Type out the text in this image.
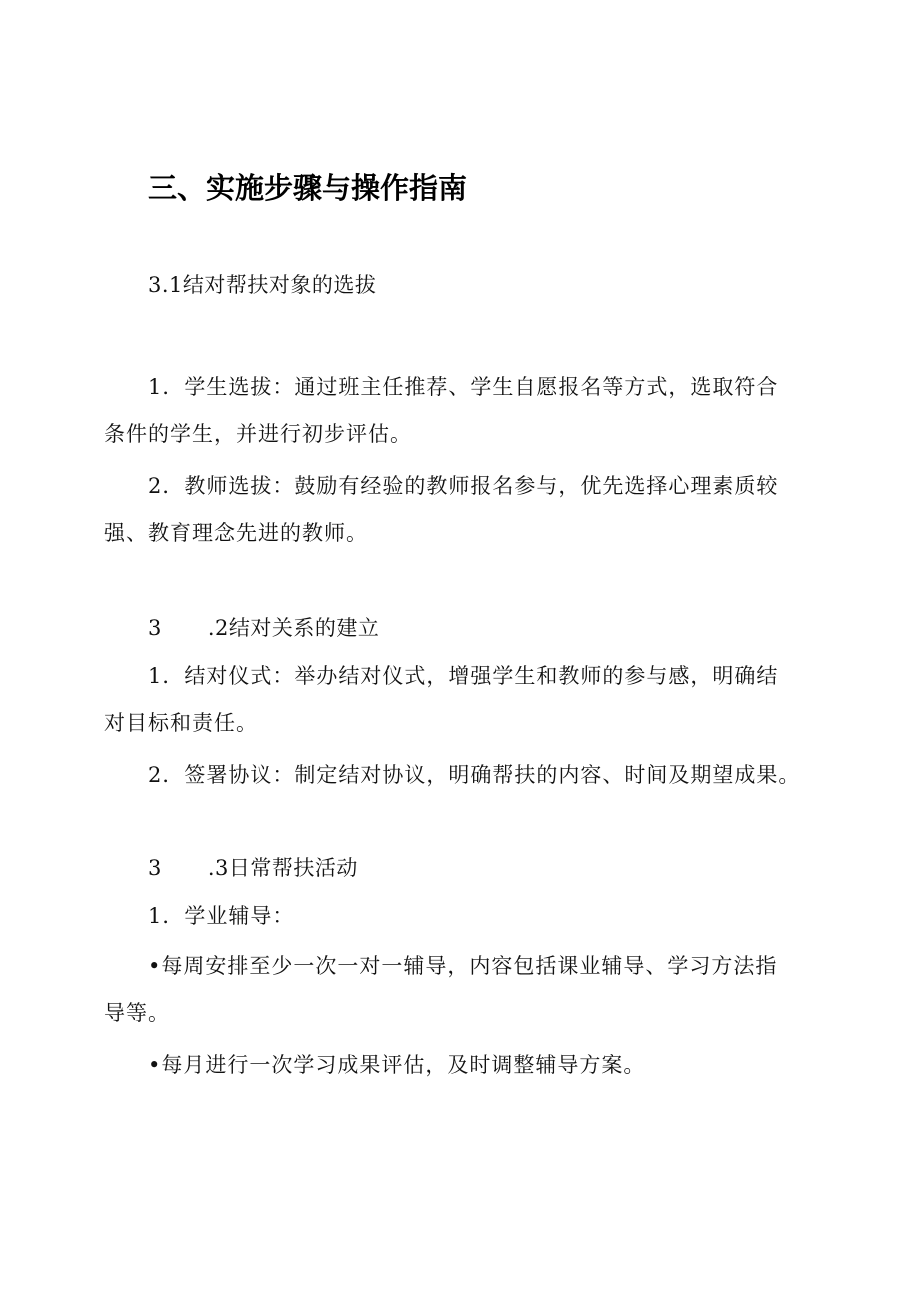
三、实施步骤与操作指南
3.1结对帮扶对象的选拔
1．学生选拔：通过班主任推荐、学生自愿报名等方式，选取符合
条件的学生，并进行初步评估。
2．教师选拔：鼓励有经验的教师报名参与，优先选择心理素质较
强、教育理念先进的教师。
3 .2结对关系的建立
1．结对仪式：举办结对仪式，增强学生和教师的参与感，明确结
对目标和责任。
2．签署协议：制定结对协议，明确帮扶的内容、时间及期望成果。
3 .3日常帮扶活动
1．学业辅导：
•每周安排至少一次一对一辅导，内容包括课业辅导、学习方法指
导等。
•每月进行一次学习成果评估，及时调整辅导方案。
